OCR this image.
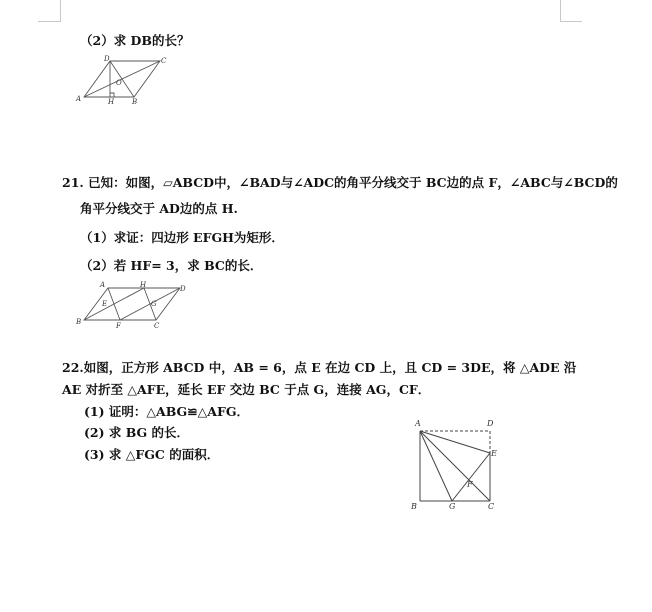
（2）求 DB的长？
D	C
O
A	H	B
21. 已知：如图，▱ABCD中，∠BAD与∠ADC的角平分线交于 BC边的点 F，∠ABC与∠BCD的
角平分线交于 AD边的点 H.
（1）求证：四边形 EFGH为矩形．
（2）若 HF= 3，求 BC的长．
A	H	D
E	G
B	F	C
22.如图，正方形 ABCD 中，AB = 6，点 E 在边 CD 上，且 CD = 3DE，将 △ADE 沿
AE 对折至 △AFE，延长 EF 交边 BC 于点 G，连接 AG，CF．
(1) 证明：△ABG≌△AFG．
(2) 求 BG 的长．
(3) 求 △FGC 的面积．
A	D
E
F
B	G	C
